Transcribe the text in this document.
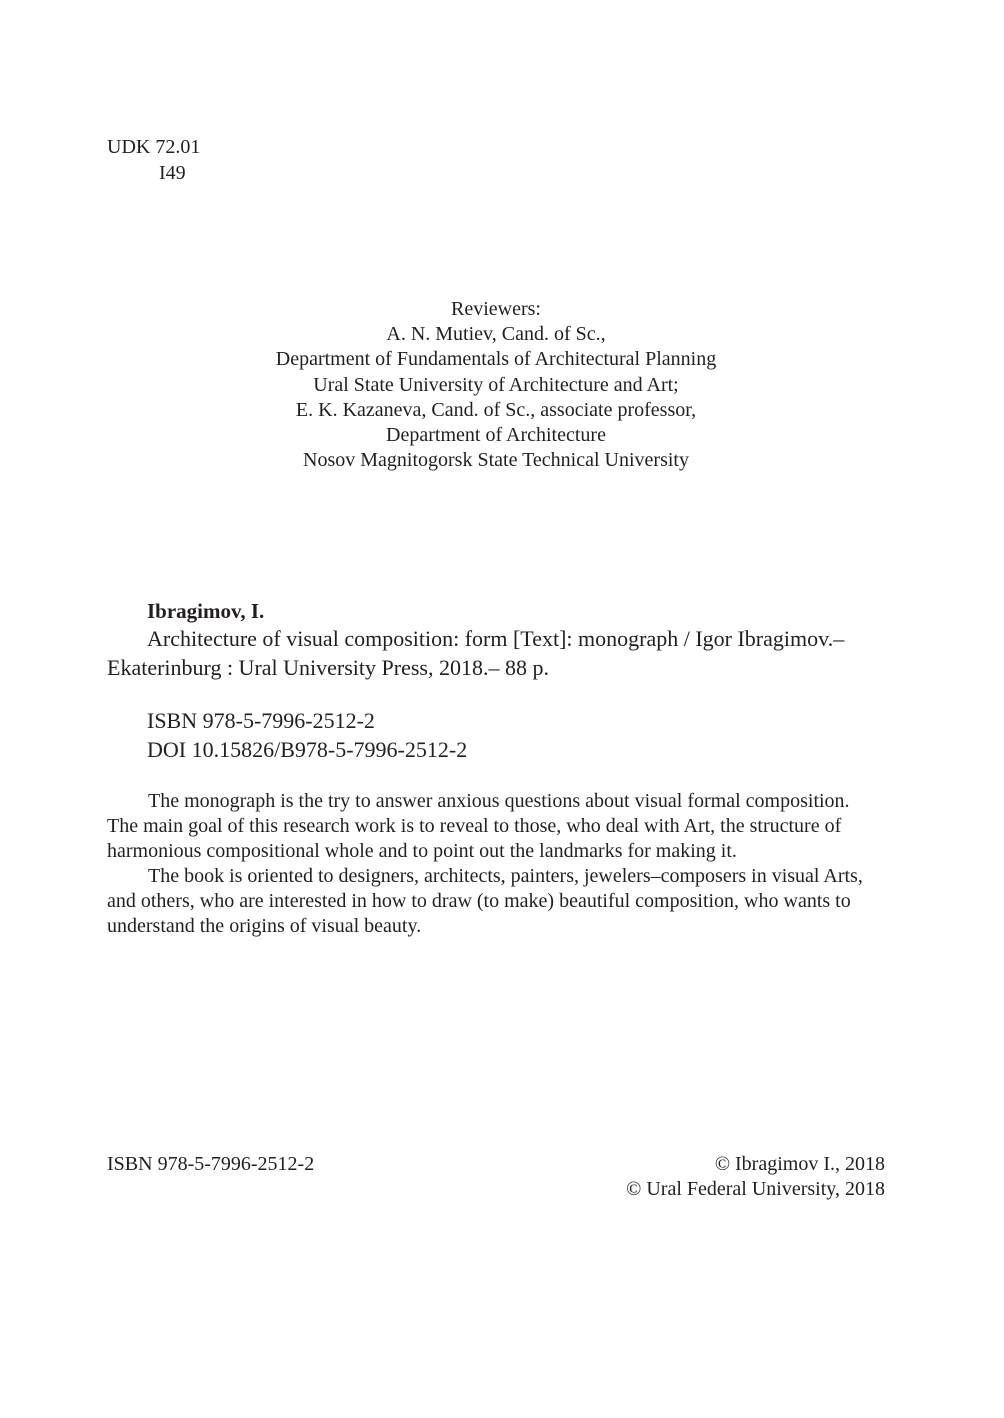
UDK 72.01
I49
Reviewers:
A. N. Mutiev, Cand. of Sc.,
Department of Fundamentals of Architectural Planning
Ural State University of Architecture and Art;
E. K. Kazaneva, Cand. of Sc., associate professor,
Department of Architecture
Nosov Magnitogorsk State Technical University
Ibragimov, I.
Architecture of visual composition: form [Text]: monograph / Igor Ibragimov.–
Ekaterinburg : Ural University Press, 2018.– 88 p.
ISBN 978-5-7996-2512-2
DOI 10.15826/B978-5-7996-2512-2
The monograph is the try to answer anxious questions about visual formal composition.
The main goal of this research work is to reveal to those, who deal with Art, the structure of
harmonious compositional whole and to point out the landmarks for making it.
The book is oriented to designers, architects, painters, jewelers–composers in visual Arts,
and others, who are interested in how to draw (to make) beautiful composition, who wants to
understand the origins of visual beauty.
ISBN 978-5-7996-2512-2	© Ibragimov I., 2018
© Ural Federal University, 2018
